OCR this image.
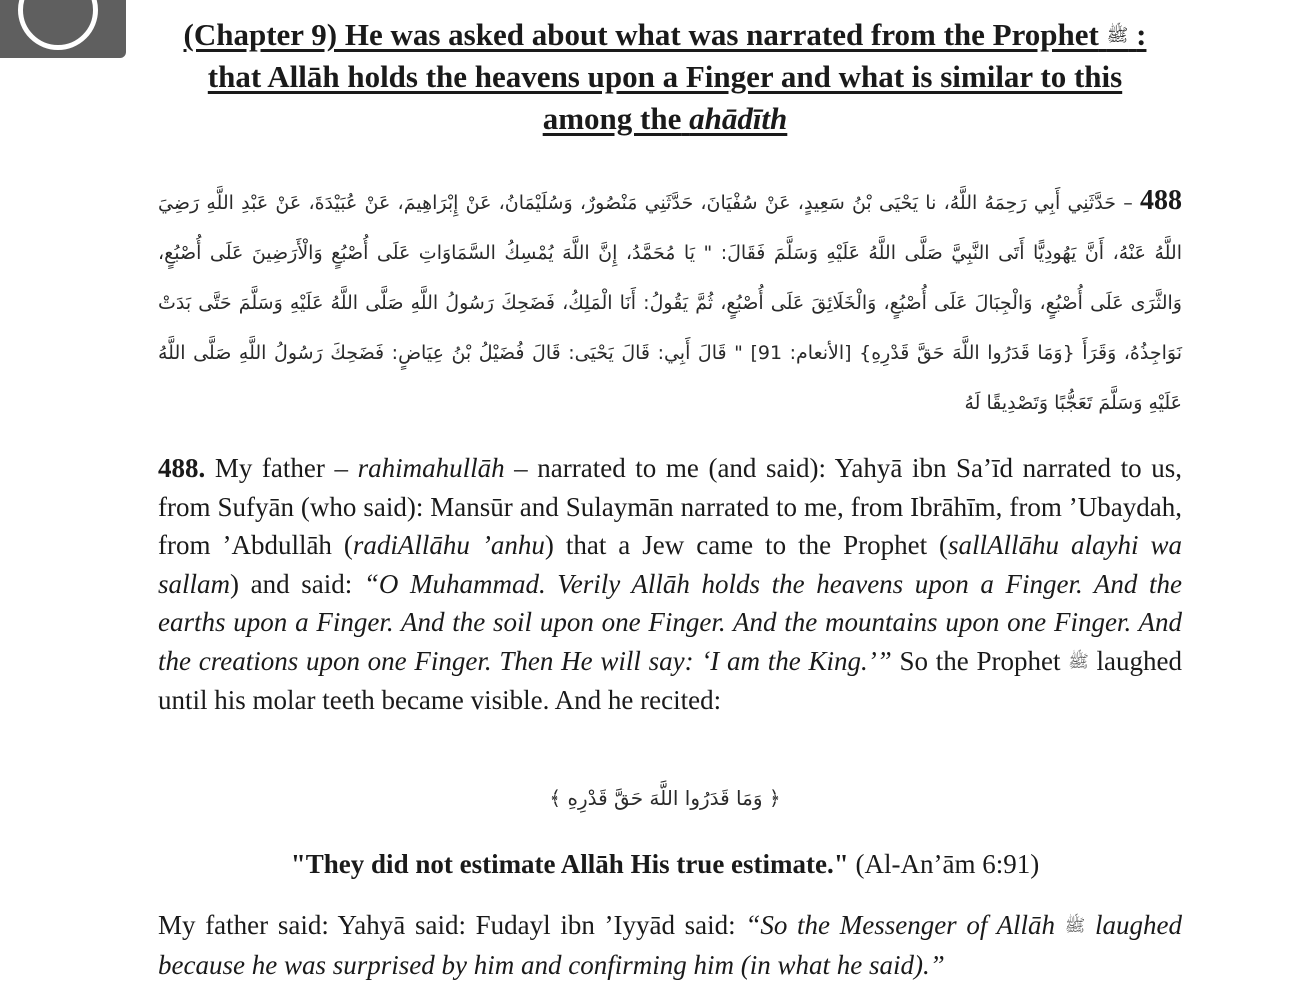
(Chapter 9) He was asked about what was narrated from the Prophet ﷺ :
that Allāh holds the heavens upon a Finger and what is similar to this
among the ahādīth

488 – حَدَّثَنِي أَبِي رَحِمَهُ اللَّهُ، نا يَحْيَى بْنُ سَعِيدٍ، عَنْ سُفْيَانَ، حَدَّثَنِي مَنْصُورٌ، وَسُلَيْمَانُ، عَنْ إِبْرَاهِيمَ، عَنْ عُبَيْدَةَ، عَنْ عَبْدِ اللَّهِ رَضِيَ اللَّهُ عَنْهُ، أَنَّ يَهُودِيًّا أَتَى النَّبِيَّ صَلَّى اللَّهُ عَلَيْهِ وَسَلَّمَ فَقَالَ: " يَا مُحَمَّدُ، إِنَّ اللَّهَ يُمْسِكُ السَّمَاوَاتِ عَلَى أُصْبُعٍ وَالْأَرَضِينَ عَلَى أُصْبُعٍ، وَالثَّرَى عَلَى أُصْبُعٍ، وَالْجِبَالَ عَلَى أُصْبُعٍ، وَالْخَلَائِقَ عَلَى أُصْبُعٍ، ثُمَّ يَقُولُ: أَنَا الْمَلِكُ، فَضَحِكَ رَسُولُ اللَّهِ صَلَّى اللَّهُ عَلَيْهِ وَسَلَّمَ حَتَّى بَدَتْ نَوَاجِذُهُ، وَقَرَأَ {وَمَا قَدَرُوا اللَّهَ حَقَّ قَدْرِهِ} [الأنعام: 91] " قَالَ أَبِي: قَالَ يَحْيَى: قَالَ فُضَيْلُ بْنُ عِيَاضٍ: فَضَحِكَ رَسُولُ اللَّهِ صَلَّى اللَّهُ عَلَيْهِ وَسَلَّمَ تَعَجُّبًا وَتَصْدِيقًا لَهُ

488. My father – rahimahullāh – narrated to me (and said): Yahyā ibn Sa’īd narrated to us, from Sufyān (who said): Mansūr and Sulaymān narrated to me, from Ibrāhīm, from ’Ubaydah, from ’Abdullāh (radiAllāhu ’anhu) that a Jew came to the Prophet (sallAllāhu alayhi wa sallam) and said: “O Muhammad. Verily Allāh holds the heavens upon a Finger. And the earths upon a Finger. And the soil upon one Finger. And the mountains upon one Finger. And the creations upon one Finger. Then He will say: ‘I am the King.’” So the Prophet ﷺ laughed until his molar teeth became visible. And he recited:

﴿ وَمَا قَدَرُوا اللَّهَ حَقَّ قَدْرِهِ ﴾

"They did not estimate Allāh His true estimate." (Al-An’ām 6:91)

My father said: Yahyā said: Fudayl ibn ’Iyyād said: “So the Messenger of Allāh ﷺ laughed because he was surprised by him and confirming him (in what he said).”
